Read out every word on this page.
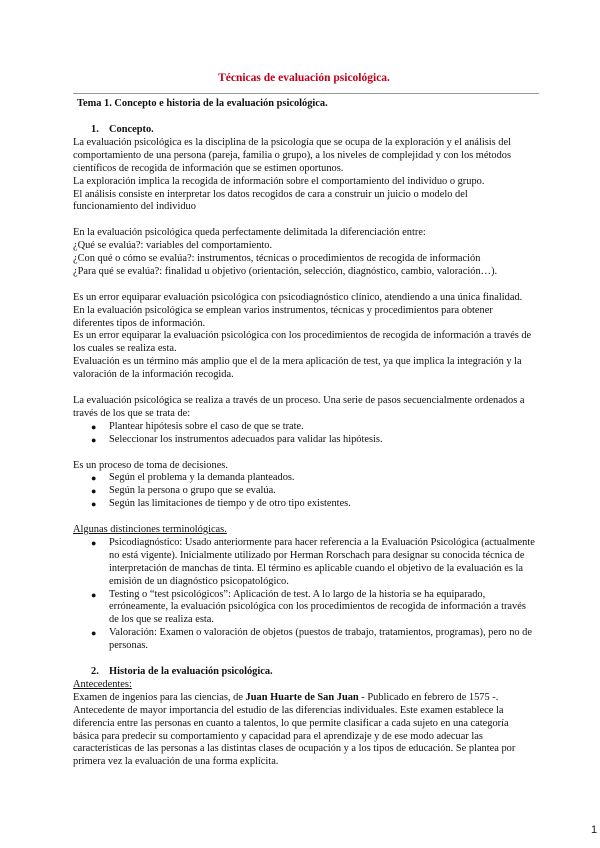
Técnicas de evaluación psicológica.
Tema 1. Concepto e historia de la evaluación psicológica.

1. Concepto.

La evaluación psicológica es la disciplina de la psicología que se ocupa de la exploración y el análisis del comportamiento de una persona (pareja, familia o grupo), a los niveles de complejidad y con los métodos científicos de recogida de información que se estimen oportunos.

La exploración implica la recogida de información sobre el comportamiento del individuo o grupo.

El análisis consiste en interpretar los datos recogidos de cara a construir un juicio o modelo del funcionamiento del individuo

En la evaluación psicológica queda perfectamente delimitada la diferenciación entre:

¿Qué se evalúa?: variables del comportamiento.

¿Con qué o cómo se evalúa?: instrumentos, técnicas o procedimientos de recogida de información

¿Para qué se evalúa?: finalidad u objetivo (orientación, selección, diagnóstico, cambio, valoración…).

Es un error equiparar evaluación psicológica con psicodiagnóstico clínico, atendiendo a una única finalidad.

En la evaluación psicológica se emplean varios instrumentos, técnicas y procedimientos para obtener diferentes tipos de información.

Es un error equiparar la evaluación psicológica con los procedimientos de recogida de información a través de los cuales se realiza esta.

Evaluación es un término más amplio que el de la mera aplicación de test, ya que implica la integración y la valoración de la información recogida.

La evaluación psicológica se realiza a través de un proceso. Una serie de pasos secuencialmente ordenados a través de los que se trata de:

● Plantear hipótesis sobre el caso de que se trate.
● Seleccionar los instrumentos adecuados para validar las hipótesis.

Es un proceso de toma de decisiones.

● Según el problema y la demanda planteados.
● Según la persona o grupo que se evalúa.
● Según las limitaciones de tiempo y de otro tipo existentes.

Algunas distinciones terminológicas.

● Psicodiagnóstico: Usado anteriormente para hacer referencia a la Evaluación Psicológica (actualmente no está vigente). Inicialmente utilizado por Herman Rorschach para designar su conocida técnica de interpretación de manchas de tinta. El término es aplicable cuando el objetivo de la evaluación es la emisión de un diagnóstico psicopatológico.
● Testing o “test psicológicos”: Aplicación de test. A lo largo de la historia se ha equiparado, erróneamente, la evaluación psicológica con los procedimientos de recogida de información a través de los que se realiza esta.
● Valoración: Examen o valoración de objetos (puestos de trabajo, tratamientos, programas), pero no de personas.

2. Historia de la evaluación psicológica.

Antecedentes:

Examen de ingenios para las ciencias, de Juan Huarte de San Juan - Publicado en febrero de 1575 -. Antecedente de mayor importancia del estudio de las diferencias individuales. Este examen establece la diferencia entre las personas en cuanto a talentos, lo que permite clasificar a cada sujeto en una categoría básica para predecir su comportamiento y capacidad para el aprendizaje y de ese modo adecuar las características de las personas a las distintas clases de ocupación y a los tipos de educación. Se plantea por primera vez la evaluación de una forma explícita.

1
